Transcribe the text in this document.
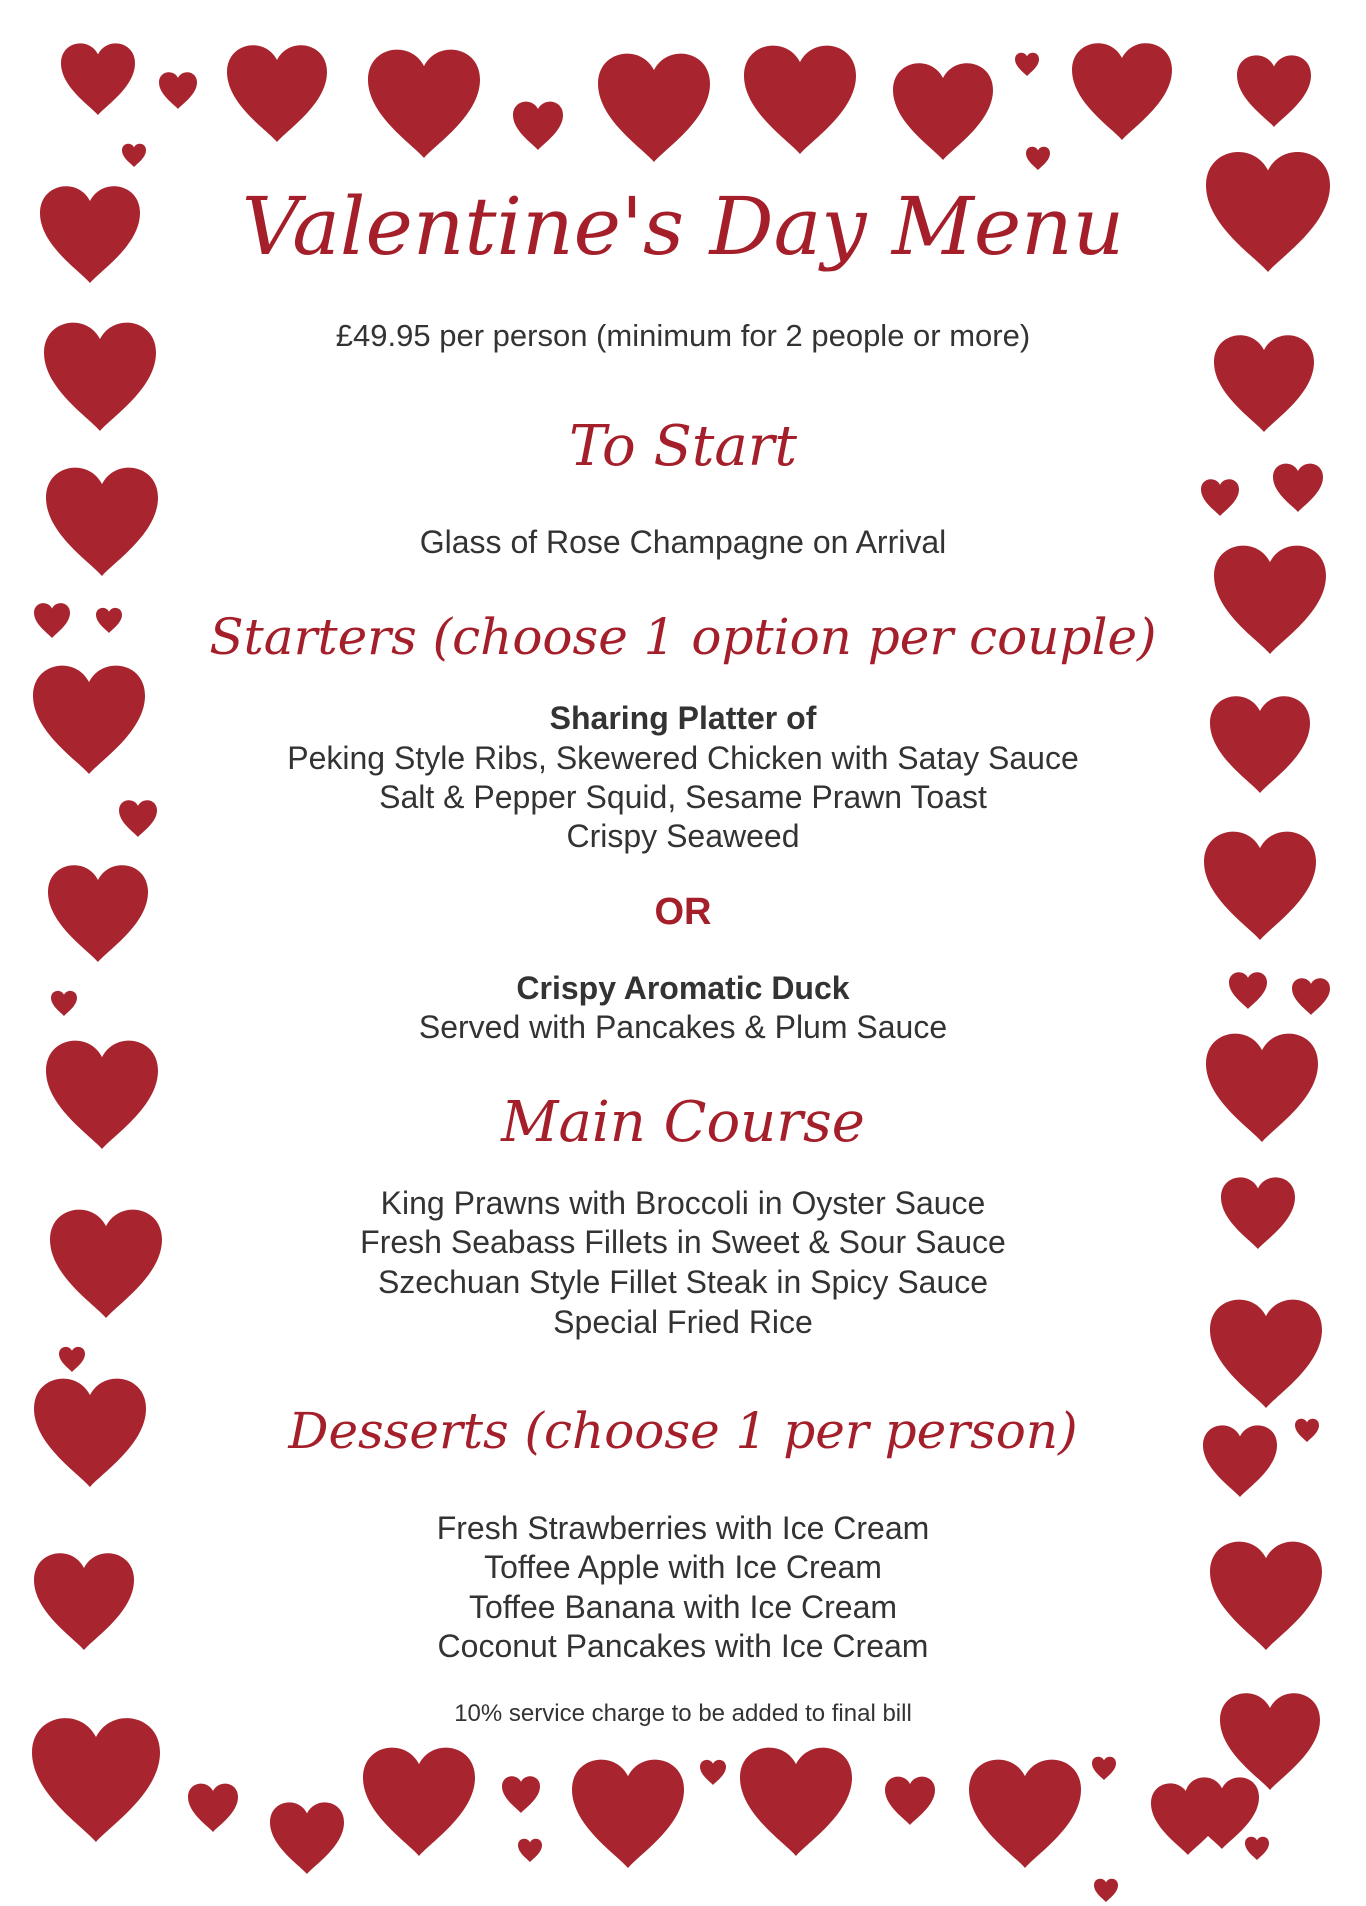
Valentine's Day Menu
£49.95 per person (minimum for 2 people or more)
To Start
Glass of Rose Champagne on Arrival
Starters (choose 1 option per couple)
Sharing Platter of
Peking Style Ribs, Skewered Chicken with Satay Sauce
Salt & Pepper Squid, Sesame Prawn Toast
Crispy Seaweed
OR
Crispy Aromatic Duck
Served with Pancakes & Plum Sauce
Main Course
King Prawns with Broccoli in Oyster Sauce
Fresh Seabass Fillets in Sweet & Sour Sauce
Szechuan Style Fillet Steak in Spicy Sauce
Special Fried Rice
Desserts (choose 1 per person)
Fresh Strawberries with Ice Cream
Toffee Apple with Ice Cream
Toffee Banana with Ice Cream
Coconut Pancakes with Ice Cream
10% service charge to be added to final bill
